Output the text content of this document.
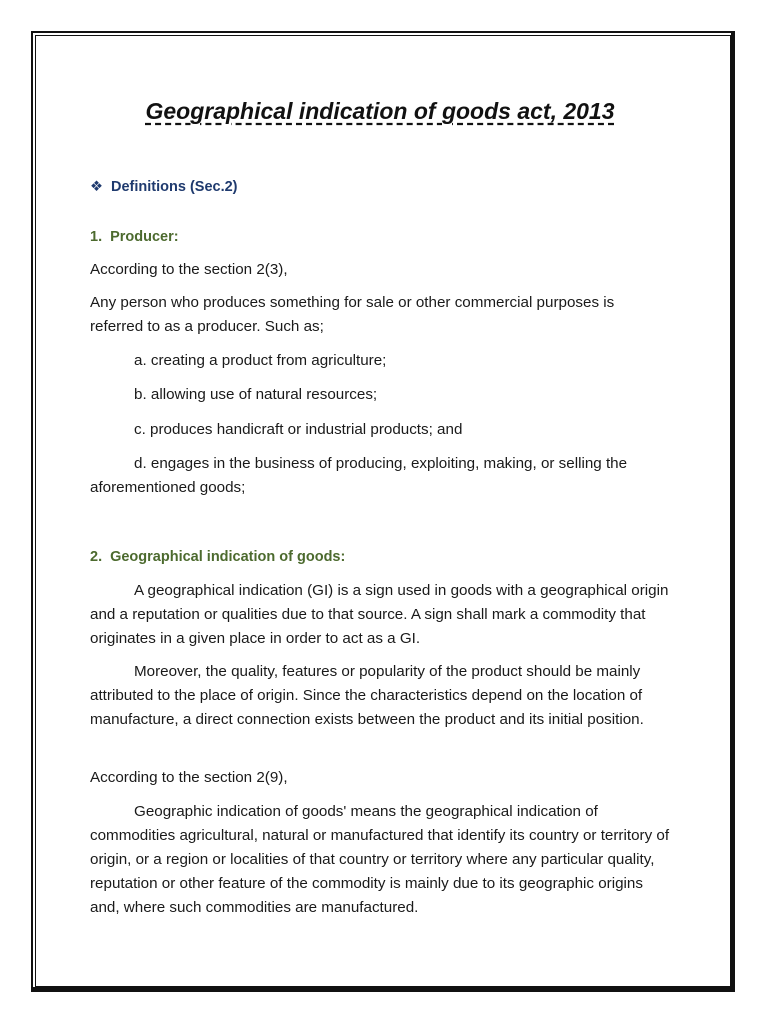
Geographical indication of goods act, 2013
❖ Definitions (Sec.2)
1. Producer:

According to the section 2(3),

Any person who produces something for sale or other commercial purposes is referred to as a producer. Such as;

a. creating a product from agriculture;

b. allowing use of natural resources;

c. produces handicraft or industrial products; and

d. engages in the business of producing, exploiting, making, or selling the aforementioned goods;

2. Geographical indication of goods:

A geographical indication (GI) is a sign used in goods with a geographical origin and a reputation or qualities due to that source. A sign shall mark a commodity that originates in a given place in order to act as a GI.

Moreover, the quality, features or popularity of the product should be mainly attributed to the place of origin. Since the characteristics depend on the location of manufacture, a direct connection exists between the product and its initial position.

According to the section 2(9),

Geographic indication of goods' means the geographical indication of commodities agricultural, natural or manufactured that identify its country or territory of origin, or a region or localities of that country or territory where any particular quality, reputation or other feature of the commodity is mainly due to its geographic origins and, where such commodities are manufactured.
